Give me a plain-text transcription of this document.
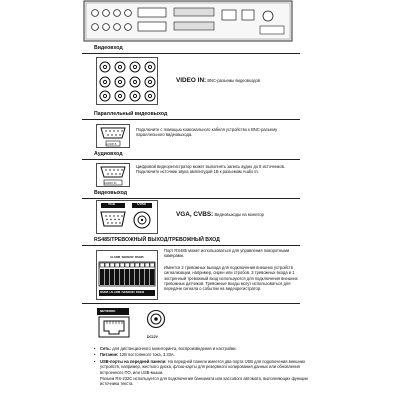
Видеовход
VIDEO IN: BNC-разъемы видеовходов
Параллельный видеовыход
LOOP-5
Подключите с помощью коаксиального кабеля устройство к BNC-разъему параллельного видеовыхода.
Аудиовход
AUDIO IN
Цифровой видеорегистратор может выполнять запись аудио до 8 источников. Подключите источник звука амплитудой 1В к разъемам Audio In.
Видеовыход
VGA	CVBS
VGA, CVBS: Видеовыходы на монитор
RS485/ТРЕВОЖНЫЙ ВЫХОД/ТРЕВОЖНЫЙ ВХОД
ALARM  SENSOR  RS485
RS485 / ALARM / SENSOR / RS232
Порт RS485 может использоваться для управления поворотными камерами.
Имеется 2 тревожных выхода для подключения внешних устройств сигнализации, например, сирен или стробов. 3 тревожных входа и 1 экстренный тревожный вход используются для подключения внешних тревожных датчиков. Тревожные входы могут использоваться для передачи сигнала о событии на видеорегистратор.
NETWORK
DC12V
• Сеть: для дистанционного мониторинга, воспроизведения и настройки.
• Питание: 12В постоянного тока, 3.33А.
• USB-порты на передней панели: На передней панели имеется два порта USB для подключения внешних устройств, например, жесткого диска, флэш-карты для резервного копирования данных или обновления встроенного ПО, или USB-мыши.
Разъем RS-232C используется для подключения банкомата или кассового автомата, выполняющих функции источника текста.
